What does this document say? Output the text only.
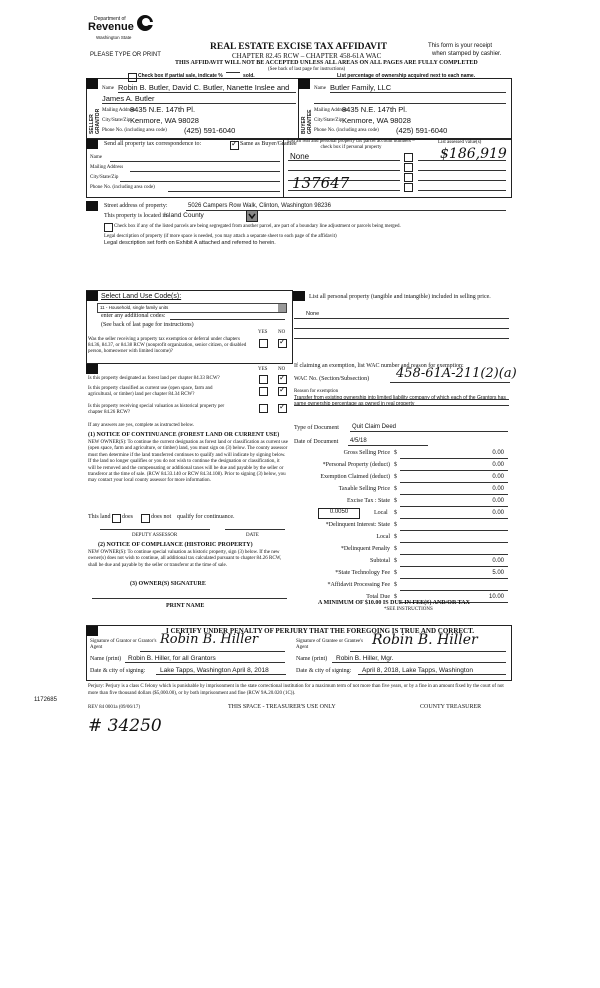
Department of
Revenue
Washington State
PLEASE TYPE OR PRINT
REAL ESTATE EXCISE TAX AFFIDAVIT
CHAPTER 82.45 RCW – CHAPTER 458-61A WAC
THIS AFFIDAVIT WILL NOT BE ACCEPTED UNLESS ALL AREAS ON ALL PAGES ARE FULLY COMPLETED
(See back of last page for instructions)
This form is your receipt
when stamped by cashier.
Check box if partial sale, indicate %	sold.	List percentage of ownership acquired next to each name.
SELLER GRANTOR	BUYER GRANTEE
Name Robin B. Butler, David C. Butler, Nanette Inslee and
James A. Butler
Mailing Address
8435 N.E. 147th Pl.
City/State/Zip Kenmore, WA 98028
Phone No. (including area code) (425) 591-6040
Name Butler Family, LLC
Mailing Address
8435 N.E. 147th Pl.
City/State/Zip Kenmore, WA 98028
Phone No. (including area code) (425) 591-6040
Send all property tax correspondence to:
✓	Same as Buyer/Grantee
Name
Mailing Address
City/State/Zip
Phone No. (including area code)
List all real and personal property tax parcel account numbers – check box if personal property
List assessed value(s)
None	$186,919
137647
Street address of property:	5026 Campers Row Walk, Clinton, Washington 98236
This property is located in
Island County
Check box if any of the listed parcels are being segregated from another parcel, are part of a boundary line adjustment or parcels being merged.
Legal description of property (if more space is needed, you may attach a separate sheet to each page of the affidavit)
Legal description set forth on Exhibit A attached and referred to herein.
Select Land Use Code(s):
11 - Household, single family units
enter any additional codes:
(See back of last page for instructions)
YES NO
Was the seller receiving a property tax exemption or deferral under chapters 84.36, 84.37, or 84.38 RCW (nonprofit organization, senior citizen, or disabled person, homeowner with limited income)?
✓
YES NO
Is this property designated as forest land per chapter 84.33 RCW?
✓
Is this property classified as current use (open space, farm and agricultural, or timber) land per chapter 84.34 RCW?
✓
Is this property receiving special valuation as historical property per chapter 84.26 RCW?
✓
If any answers are yes, complete as instructed below.
(1) NOTICE OF CONTINUANCE (FOREST LAND OR CURRENT USE)
NEW OWNER(S): To continue the current designation as forest land or classification as current use (open space, farm and agriculture, or timber) land, you must sign on (3) below. The county assessor must then determine if the land transferred continues to qualify and will indicate by signing below. If the land no longer qualifies or you do not wish to continue the designation or classification, it will be removed and the compensating or additional taxes will be due and payable by the seller or transferor at the time of sale. (RCW 84.33.140 or RCW 84.34.108). Prior to signing (3) below, you may contact your local county assessor for more information.
This land does	does not qualify for continuance.
DEPUTY ASSESSOR	DATE
(2) NOTICE OF COMPLIANCE (HISTORIC PROPERTY)
NEW OWNER(S): To continue special valuation as historic property, sign (3) below. If the new owner(s) does not wish to continue, all additional tax calculated pursuant to chapter 84.26 RCW, shall be due and payable by the seller or transferor at the time of sale.
(3) OWNER(S) SIGNATURE
PRINT NAME
List all personal property (tangible and intangible) included in selling price.
None
If claiming an exemption, list WAC number and reason for exemption:
WAC No. (Section/Subsection) 458-61A-211(2)(a)
Reason for exemption
Transfer from existing ownership into limited liability company of which each of the Grantors has same ownership percentage as owned in real property
Type of Document Quit Claim Deed
Date of Document 4/5/18
Gross Selling Price $	0.00
*Personal Property (deduct) $	0.00
Exemption Claimed (deduct) $	0.00
Taxable Selling Price $	0.00
Excise Tax : State $	0.00
0.0050	Local $	0.00
*Delinquent Interest: State $
Local $
*Delinquent Penalty $
Subtotal $	0.00
*State Technology Fee $	5.00
*Affidavit Processing Fee $
Total Due $	10.00
A MINIMUM OF $10.00 IS DUE IN FEE(S) AND/OR TAX
*SEE INSTRUCTIONS
I CERTIFY UNDER PENALTY OF PERJURY THAT THE FOREGOING IS TRUE AND CORRECT.
Signature of Grantor or Grantor's Agent
Robin B. Hiller
Name (print) Robin B. Hiller, for all Grantors
Date & city of signing: Lake Tapps, Washington April 8, 2018
Signature of Grantee or Grantee's Agent	Robin B. Hiller
Name (print) Robin B. Hiller, Mgr.
Date & city of signing: April 8, 2018, Lake Tapps, Washington
Perjury: Perjury is a class C felony which is punishable by imprisonment in the state correctional institution for a maximum term of not more than five years, or by a fine in an amount fixed by the court of not more than five thousand dollars ($5,000.00), or by both imprisonment and fine (RCW 9A.20.020 (1C)).
1172685
REV 84 0001a (09/06/17)	THIS SPACE - TREASURER'S USE ONLY	COUNTY TREASURER
# 34250
